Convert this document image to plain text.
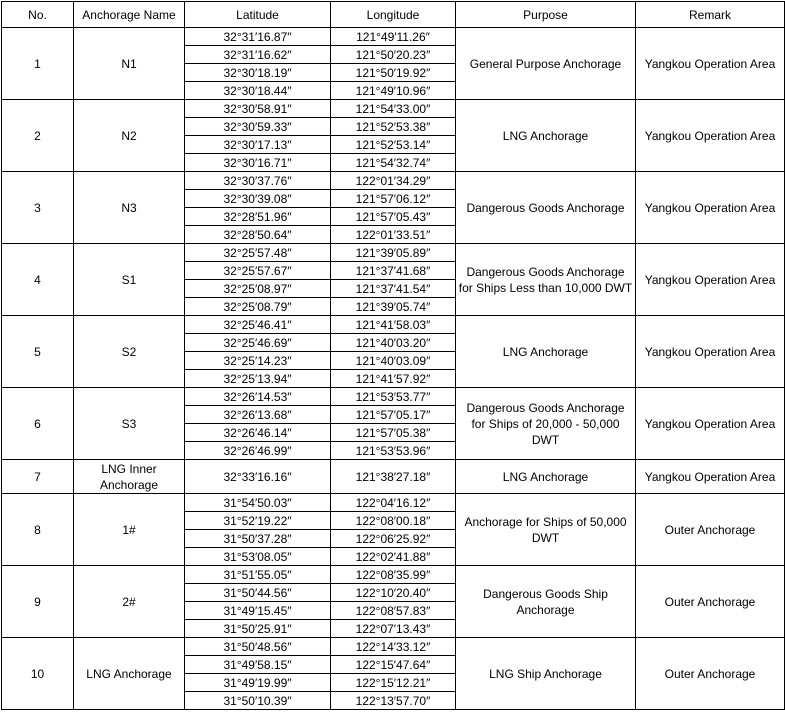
No.	Anchorage Name	Latitude	Longitude	Purpose	Remark
1	N1	32°31′16.87″	121°49′11.26″	General Purpose Anchorage	Yangkou Operation Area
		32°31′16.62″	121°50′20.23″		
		32°30′18.19″	121°50′19.92″		
		32°30′18.44″	121°49′10.96″		
2	N2	32°30′58.91″	121°54′33.00″	LNG Anchorage	Yangkou Operation Area
		32°30′59.33″	121°52′53.38″		
		32°30′17.13″	121°52′53.14″		
		32°30′16.71″	121°54′32.74″		
3	N3	32°30′37.76″	122°01′34.29″	Dangerous Goods Anchorage	Yangkou Operation Area
		32°30′39.08″	121°57′06.12″		
		32°28′51.96″	121°57′05.43″		
		32°28′50.64″	122°01′33.51″		
4	S1	32°25′57.48″	121°39′05.89″	Dangerous Goods Anchorage for Ships Less than 10,000 DWT	Yangkou Operation Area
		32°25′57.67″	121°37′41.68″		
		32°25′08.97″	121°37′41.54″		
		32°25′08.79″	121°39′05.74″		
5	S2	32°25′46.41″	121°41′58.03″	LNG Anchorage	Yangkou Operation Area
		32°25′46.69″	121°40′03.20″		
		32°25′14.23″	121°40′03.09″		
		32°25′13.94″	121°41′57.92″		
6	S3	32°26′14.53″	121°53′53.77″	Dangerous Goods Anchorage for Ships of 20,000 - 50,000 DWT	Yangkou Operation Area
		32°26′13.68″	121°57′05.17″		
		32°26′46.14″	121°57′05.38″		
		32°26′46.99″	121°53′53.96″		
7	LNG Inner Anchorage	32°33′16.16″	121°38′27.18″	LNG Anchorage	Yangkou Operation Area
8	1#	31°54′50.03″	122°04′16.12″	Anchorage for Ships of 50,000 DWT	Outer Anchorage
		31°52′19.22″	122°08′00.18″		
		31°50′37.28″	122°06′25.92″		
		31°53′08.05″	122°02′41.88″		
9	2#	31°51′55.05″	122°08′35.99″	Dangerous Goods Ship Anchorage	Outer Anchorage
		31°50′44.56″	122°10′20.40″		
		31°49′15.45″	122°08′57.83″		
		31°50′25.91″	122°07′13.43″		
10	LNG Anchorage	31°50′48.56″	122°14′33.12″	LNG Ship Anchorage	Outer Anchorage
		31°49′58.15″	122°15′47.64″		
		31°49′19.99″	122°15′12.21″		
		31°50′10.39″	122°13′57.70″		
